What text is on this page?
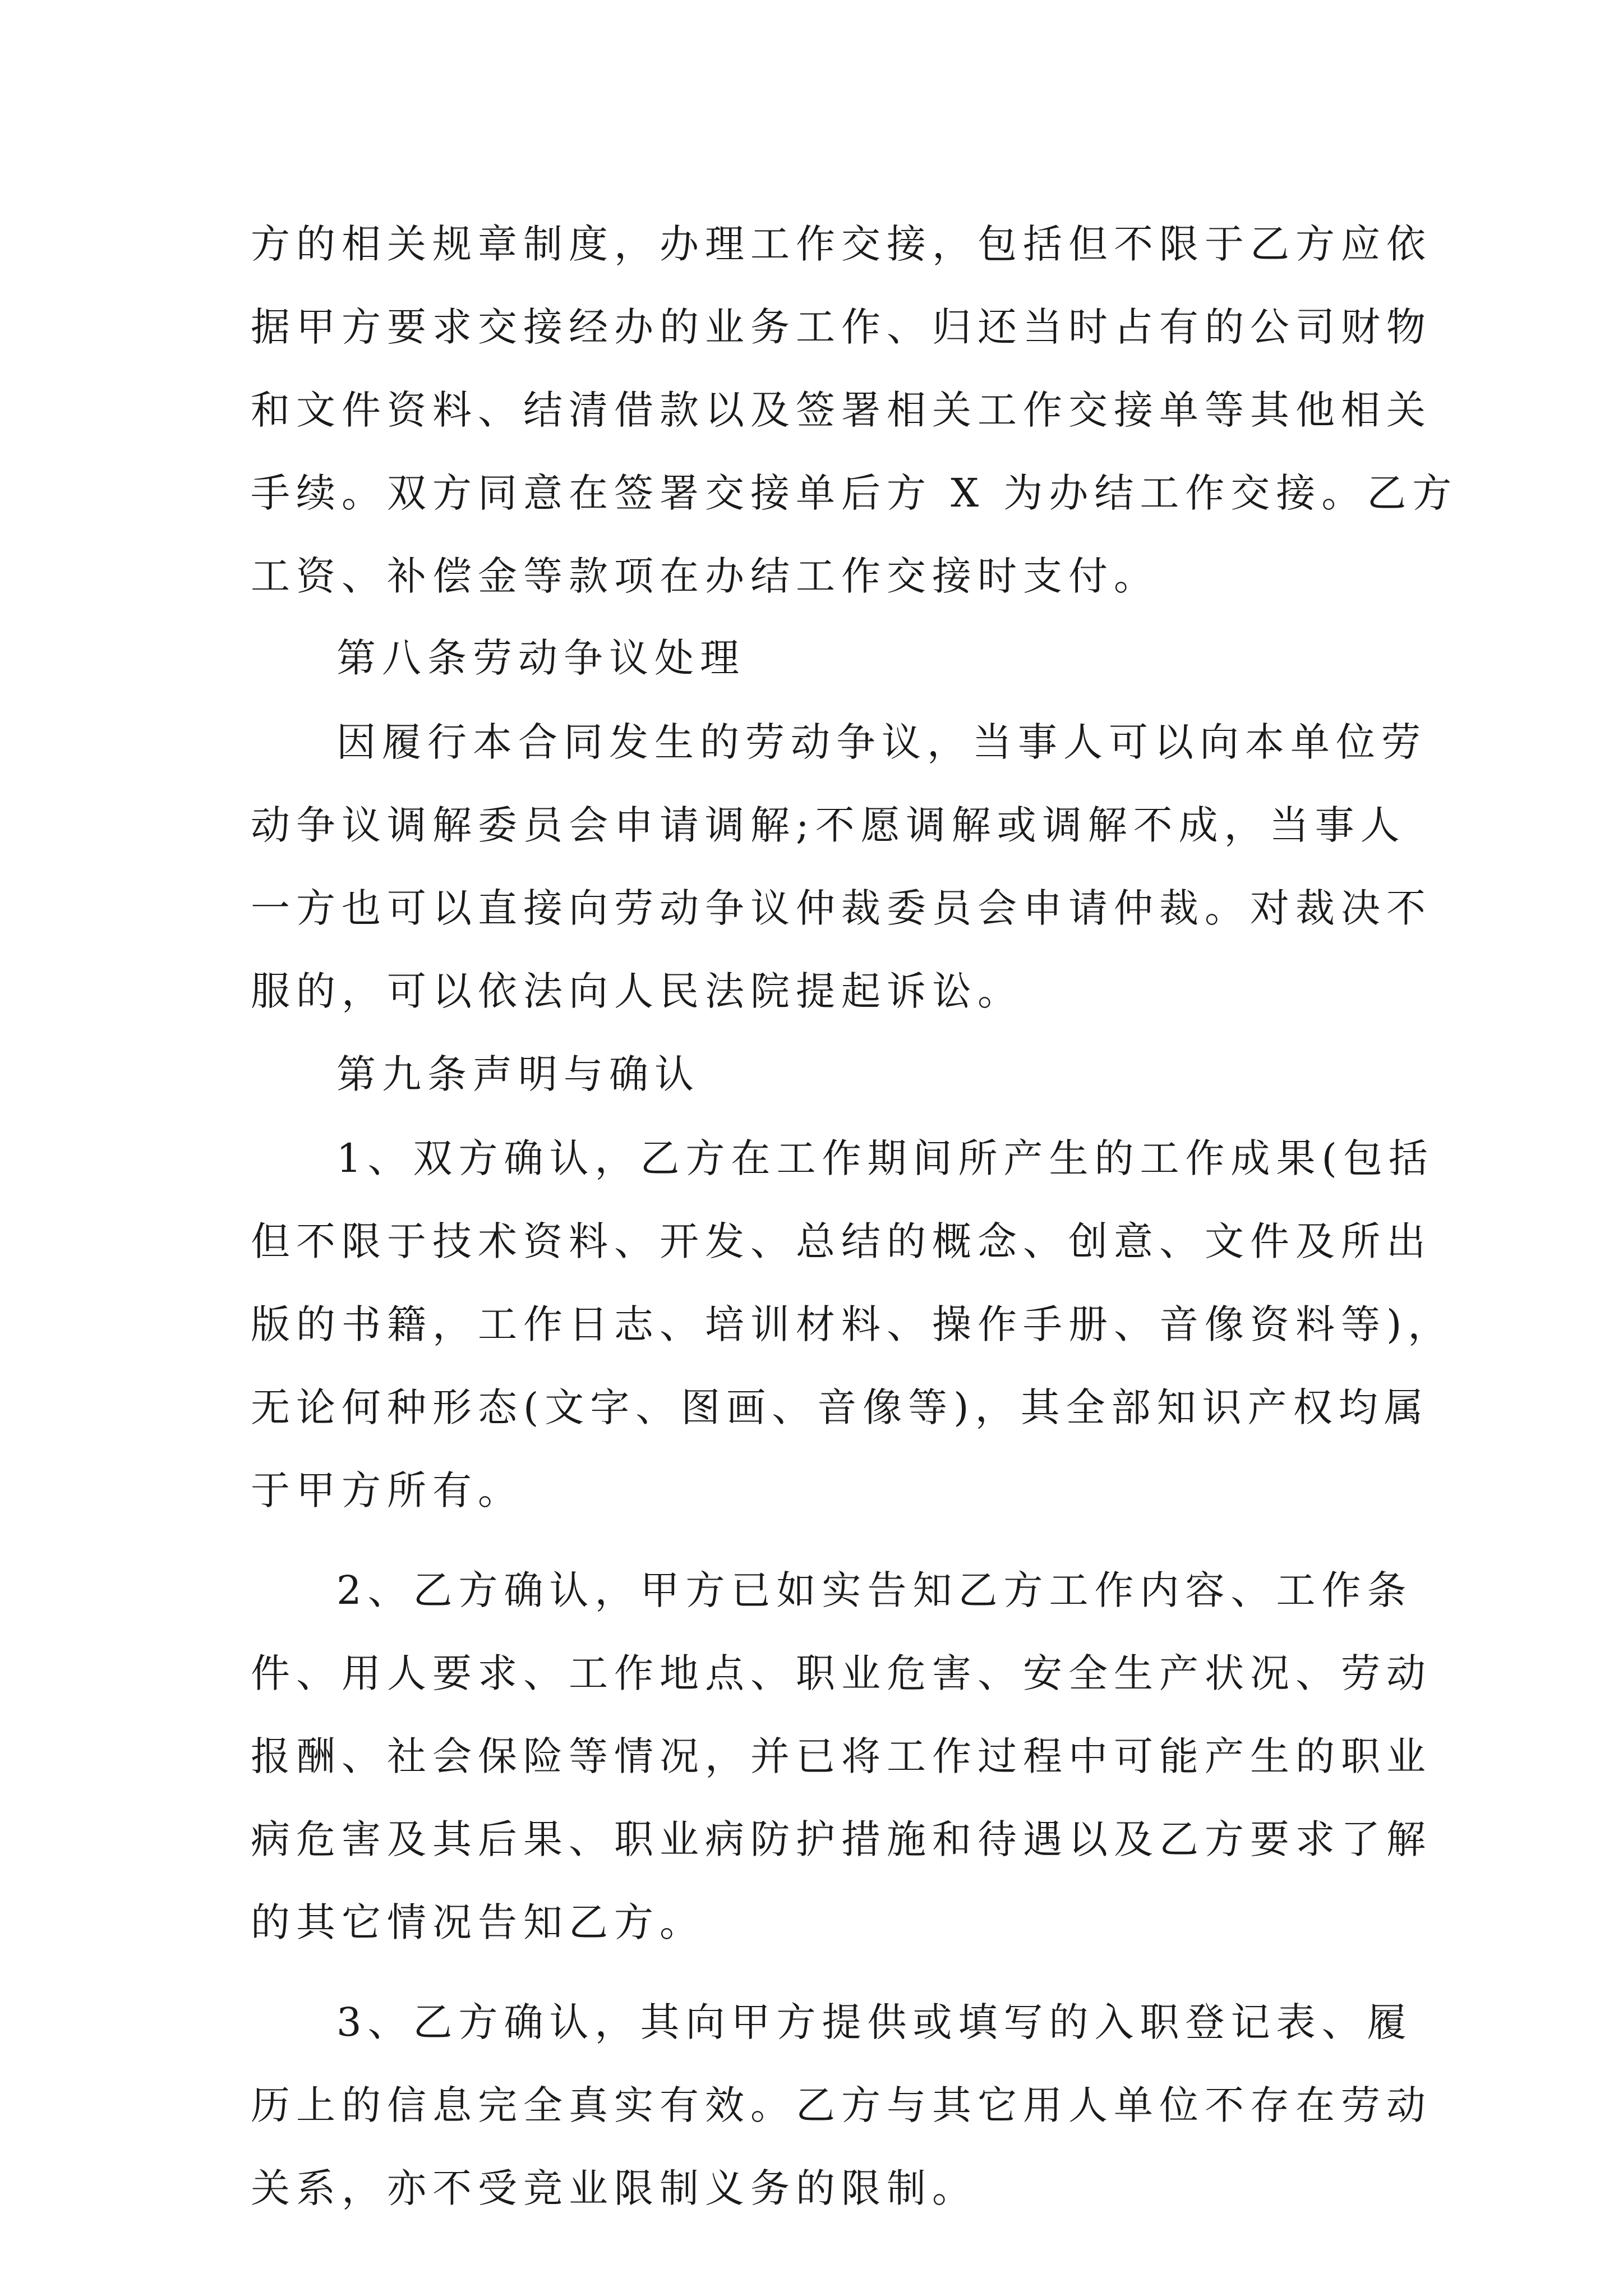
方的相关规章制度，办理工作交接，包括但不限于乙方应依
据甲方要求交接经办的业务工作、归还当时占有的公司财物
和文件资料、结清借款以及签署相关工作交接单等其他相关
手续。双方同意在签署交接单后方 X 为办结工作交接。乙方
工资、补偿金等款项在办结工作交接时支付。
第八条劳动争议处理
因履行本合同发生的劳动争议，当事人可以向本单位劳
动争议调解委员会申请调解;不愿调解或调解不成，当事人
一方也可以直接向劳动争议仲裁委员会申请仲裁。对裁决不
服的，可以依法向人民法院提起诉讼。
第九条声明与确认
1、双方确认，乙方在工作期间所产生的工作成果(包括
但不限于技术资料、开发、总结的概念、创意、文件及所出
版的书籍，工作日志、培训材料、操作手册、音像资料等)，
无论何种形态(文字、图画、音像等)，其全部知识产权均属
于甲方所有。
2、乙方确认，甲方已如实告知乙方工作内容、工作条
件、用人要求、工作地点、职业危害、安全生产状况、劳动
报酬、社会保险等情况，并已将工作过程中可能产生的职业
病危害及其后果、职业病防护措施和待遇以及乙方要求了解
的其它情况告知乙方。
3、乙方确认，其向甲方提供或填写的入职登记表、履
历上的信息完全真实有效。乙方与其它用人单位不存在劳动
关系，亦不受竞业限制义务的限制。
